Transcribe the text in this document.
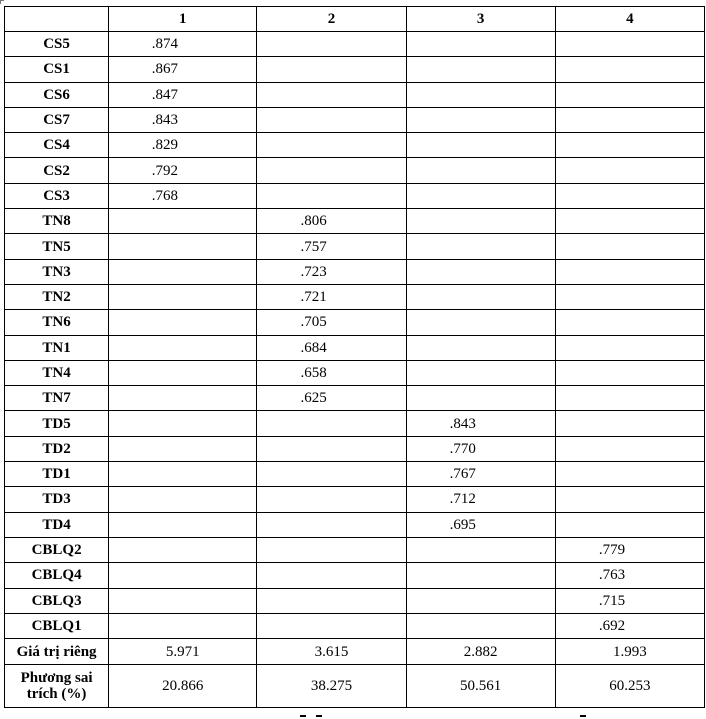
	1	2	3	4
CS5	.874			
CS1	.867			
CS6	.847			
CS7	.843			
CS4	.829			
CS2	.792			
CS3	.768			
TN8		.806		
TN5		.757		
TN3		.723		
TN2		.721		
TN6		.705		
TN1		.684		
TN4		.658		
TN7		.625		
TD5			.843	
TD2			.770	
TD1			.767	
TD3			.712	
TD4			.695	
CBLQ2				.779
CBLQ4				.763
CBLQ3				.715
CBLQ1				.692
Giá trị riêng	5.971	3.615	2.882	1.993
Phương sai
trích (%)	20.866	38.275	50.561	60.253
